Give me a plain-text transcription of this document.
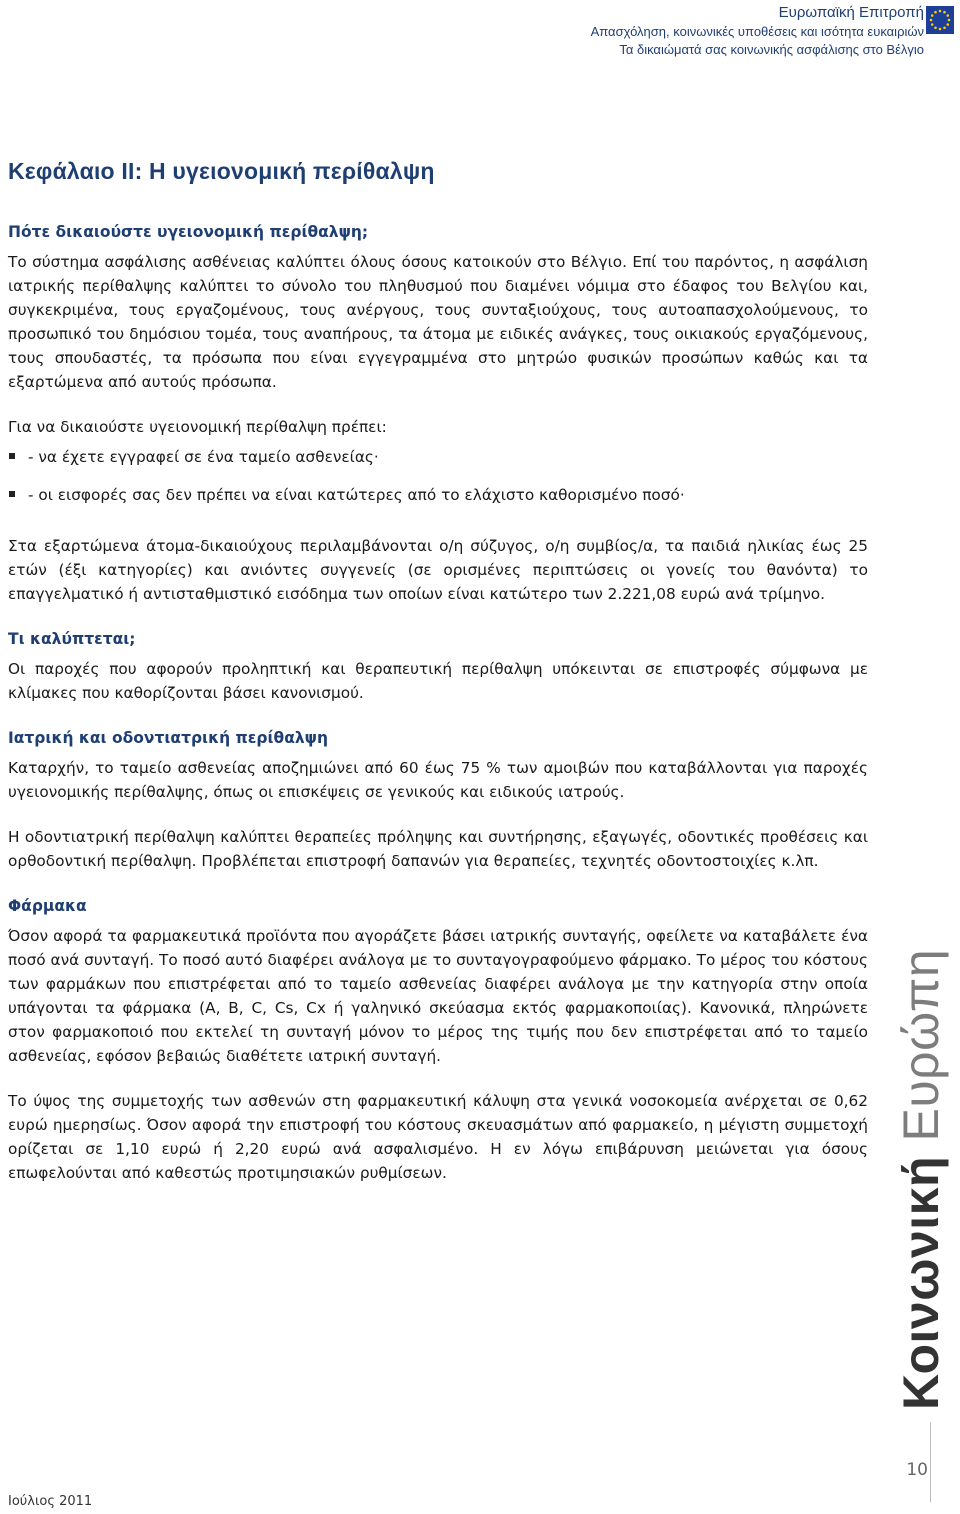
Ευρωπαϊκή Επιτροπή
Απασχόληση, κοινωνικές υποθέσεις και ισότητα ευκαιριών
Τα δικαιώματά σας κοινωνικής ασφάλισης στο Βέλγιο
Κεφάλαιο ΙΙ: Η υγειονομική περίθαλψη
Πότε δικαιούστε υγειονομική περίθαλψη;

Το σύστημα ασφάλισης ασθένειας καλύπτει όλους όσους κατοικούν στο Βέλγιο. Επί του παρόντος, η ασφάλιση ιατρικής περίθαλψης καλύπτει το σύνολο του πληθυσμού που διαμένει νόμιμα στο έδαφος του Βελγίου και, συγκεκριμένα, τους εργαζομένους, τους ανέργους, τους συνταξιούχους, τους αυτοαπασχολούμενους, το προσωπικό του δημόσιου τομέα, τους αναπήρους, τα άτομα με ειδικές ανάγκες, τους οικιακούς εργαζόμενους, τους σπουδαστές, τα πρόσωπα που είναι εγγεγραμμένα στο μητρώο φυσικών προσώπων καθώς και τα εξαρτώμενα από αυτούς πρόσωπα.

Για να δικαιούστε υγειονομική περίθαλψη πρέπει:

- να έχετε εγγραφεί σε ένα ταμείο ασθενείας·
- οι εισφορές σας δεν πρέπει να είναι κατώτερες από το ελάχιστο καθορισμένο ποσό·

Στα εξαρτώμενα άτομα-δικαιούχους περιλαμβάνονται ο/η σύζυγος, ο/η συμβίος/α, τα παιδιά ηλικίας έως 25 ετών (έξι κατηγορίες) και ανιόντες συγγενείς (σε ορισμένες περιπτώσεις οι γονείς του θανόντα) το επαγγελματικό ή αντισταθμιστικό εισόδημα των οποίων είναι κατώτερο των 2.221,08 ευρώ ανά τρίμηνο.

Τι καλύπτεται;

Οι παροχές που αφορούν προληπτική και θεραπευτική περίθαλψη υπόκεινται σε επιστροφές σύμφωνα με κλίμακες που καθορίζονται βάσει κανονισμού.

Ιατρική και οδοντιατρική περίθαλψη

Καταρχήν, το ταμείο ασθενείας αποζημιώνει από 60 έως 75 % των αμοιβών που καταβάλλονται για παροχές υγειονομικής περίθαλψης, όπως οι επισκέψεις σε γενικούς και ειδικούς ιατρούς.

Η οδοντιατρική περίθαλψη καλύπτει θεραπείες πρόληψης και συντήρησης, εξαγωγές, οδοντικές προθέσεις και ορθοδοντική περίθαλψη. Προβλέπεται επιστροφή δαπανών για θεραπείες, τεχνητές οδοντοστοιχίες κ.λπ.

Φάρμακα

Όσον αφορά τα φαρμακευτικά προϊόντα που αγοράζετε βάσει ιατρικής συνταγής, οφείλετε να καταβάλετε ένα ποσό ανά συνταγή. Το ποσό αυτό διαφέρει ανάλογα με το συνταγογραφούμενο φάρμακο. Το μέρος του κόστους των φαρμάκων που επιστρέφεται από το ταμείο ασθενείας διαφέρει ανάλογα με την κατηγορία στην οποία υπάγονται τα φάρμακα (A, B, C, Cs, Cx ή γαληνικό σκεύασμα εκτός φαρμακοποιίας). Κανονικά, πληρώνετε στον φαρμακοποιό που εκτελεί τη συνταγή μόνον το μέρος της τιμής που δεν επιστρέφεται από το ταμείο ασθενείας, εφόσον βεβαιώς διαθέτετε ιατρική συνταγή.

Το ύψος της συμμετοχής των ασθενών στη φαρμακευτική κάλυψη στα γενικά νοσοκομεία ανέρχεται σε 0,62 ευρώ ημερησίως. Όσον αφορά την επιστροφή του κόστους σκευασμάτων από φαρμακείο, η μέγιστη συμμετοχή ορίζεται σε 1,10 ευρώ ή 2,20 ευρώ ανά ασφαλισμένο. Η εν λόγω επιβάρυνση μειώνεται για όσους επωφελούνται από καθεστώς προτιμησιακών ρυθμίσεων.	Κοινωνική Ευρώπη
10
Ιούλιος 2011
